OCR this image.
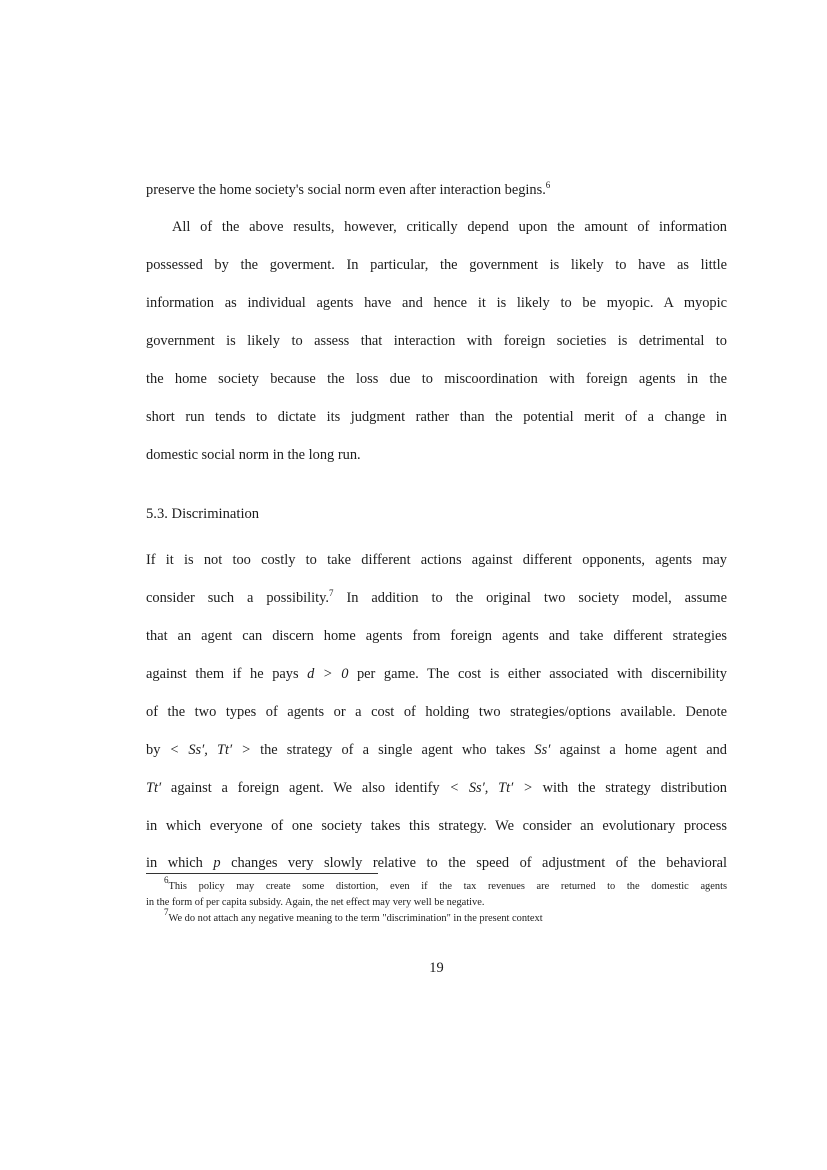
preserve the home society's social norm even after interaction begins.$^6$
All of the above results, however, critically depend upon the amount of information
possessed by the goverment. In particular, the government is likely to have as little
information as individual agents have and hence it is likely to be myopic. A myopic
government is likely to assess that interaction with foreign societies is detrimental to
the home society because the loss due to miscoordination with foreign agents in the
short run tends to dictate its judgment rather than the potential merit of a change in
domestic social norm in the long run.
5.3. Discrimination
If it is not too costly to take different actions against different opponents, agents may
consider such a possibility.$^7$ In addition to the original two society model, assume
that an agent can discern home agents from foreign agents and take different strategies
against them if he pays d > 0 per game. The cost is either associated with discernibility
of the two types of agents or a cost of holding two strategies/options available. Denote
by < Ss′, Tt′ > the strategy of a single agent who takes Ss′ against a home agent and
Tt′ against a foreign agent. We also identify < Ss′, Tt′ > with the strategy distribution
in which everyone of one society takes this strategy. We consider an evolutionary process
in which p changes very slowly relative to the speed of adjustment of the behavioral
$^6$This policy may create some distortion, even if the tax revenues are returned to the domestic agents
in the form of per capita subsidy. Again, the net effect may very well be negative.
$^7$We do not attach any negative meaning to the term "discrimination" in the present context
19
